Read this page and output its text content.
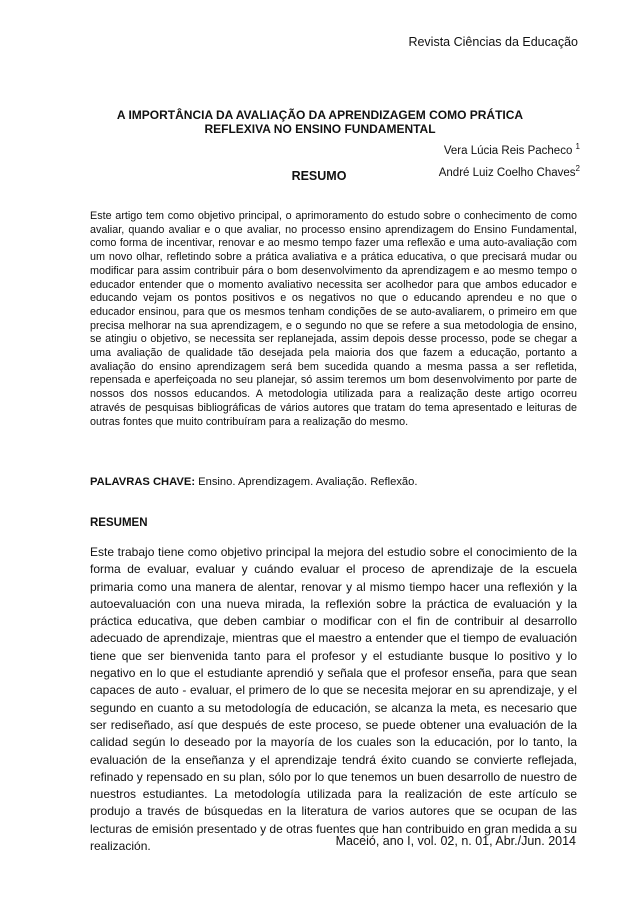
Revista Ciências da Educação
A IMPORTÂNCIA DA AVALIAÇÃO DA APRENDIZAGEM COMO PRÁTICA REFLEXIVA NO ENSINO FUNDAMENTAL
Vera Lúcia Reis Pacheco $^1$
André Luiz Coelho Chaves$^2$
RESUMO
Este artigo tem como objetivo principal, o aprimoramento do estudo sobre o conhecimento de como avaliar, quando avaliar e o que avaliar, no processo ensino aprendizagem do Ensino Fundamental, como forma de incentivar, renovar e ao mesmo tempo fazer uma reflexão e uma auto-avaliação com um novo olhar, refletindo sobre a prática avaliativa e a prática educativa, o que precisará mudar ou modificar para assim contribuir pára o bom desenvolvimento da aprendizagem e ao mesmo tempo o educador entender que o momento avaliativo necessita ser acolhedor para que ambos educador e educando vejam os pontos positivos e os negativos no que o educando aprendeu e no que o educador ensinou, para que os mesmos tenham condições de se auto-avaliarem, o primeiro em que precisa melhorar na sua aprendizagem, e o segundo no que se refere a sua metodologia de ensino, se atingiu o objetivo, se necessita ser replanejada, assim depois desse processo, pode se chegar a uma avaliação de qualidade tão desejada pela maioria dos que fazem a educação, portanto a avaliação do ensino aprendizagem será bem sucedida quando a mesma passa a ser refletida, repensada e aperfeiçoada no seu planejar, só assim teremos um bom desenvolvimento por parte de nossos dos nossos educandos. A metodologia utilizada para a realização deste artigo ocorreu através de pesquisas bibliográficas de vários autores que tratam do tema apresentado e leituras de outras fontes que muito contribuíram para a realização do mesmo.
PALAVRAS CHAVE: Ensino. Aprendizagem. Avaliação. Reflexão.
RESUMEN
Este trabajo tiene como objetivo principal la mejora del estudio sobre el conocimiento de la forma de evaluar, evaluar y cuándo evaluar el proceso de aprendizaje de la escuela primaria como una manera de alentar, renovar y al mismo tiempo hacer una reflexión y la autoevaluación con una nueva mirada, la reflexión sobre la práctica de evaluación y la práctica educativa, que deben cambiar o modificar con el fin de contribuir al desarrollo adecuado de aprendizaje, mientras que el maestro a entender que el tiempo de evaluación tiene que ser bienvenida tanto para el profesor y el estudiante busque lo positivo y lo negativo en lo que el estudiante aprendió y señala que el profesor enseña, para que sean capaces de auto - evaluar, el primero de lo que se necesita mejorar en su aprendizaje, y el segundo en cuanto a su metodología de educación, se alcanza la meta, es necesario que ser rediseñado, así que después de este proceso, se puede obtener una evaluación de la calidad según lo deseado por la mayoría de los cuales son la educación, por lo tanto, la evaluación de la enseñanza y el aprendizaje tendrá éxito cuando se convierte reflejada, refinado y repensado en su plan, sólo por lo que tenemos un buen desarrollo de nuestro de nuestros estudiantes. La metodología utilizada para la realización de este artículo se produjo a través de búsquedas en la literatura de varios autores que se ocupan de las lecturas de emisión presentado y de otras fuentes que han contribuido en gran medida a su realización.	Maceió, ano I, vol. 02, n. 01, Abr./Jun. 2014
